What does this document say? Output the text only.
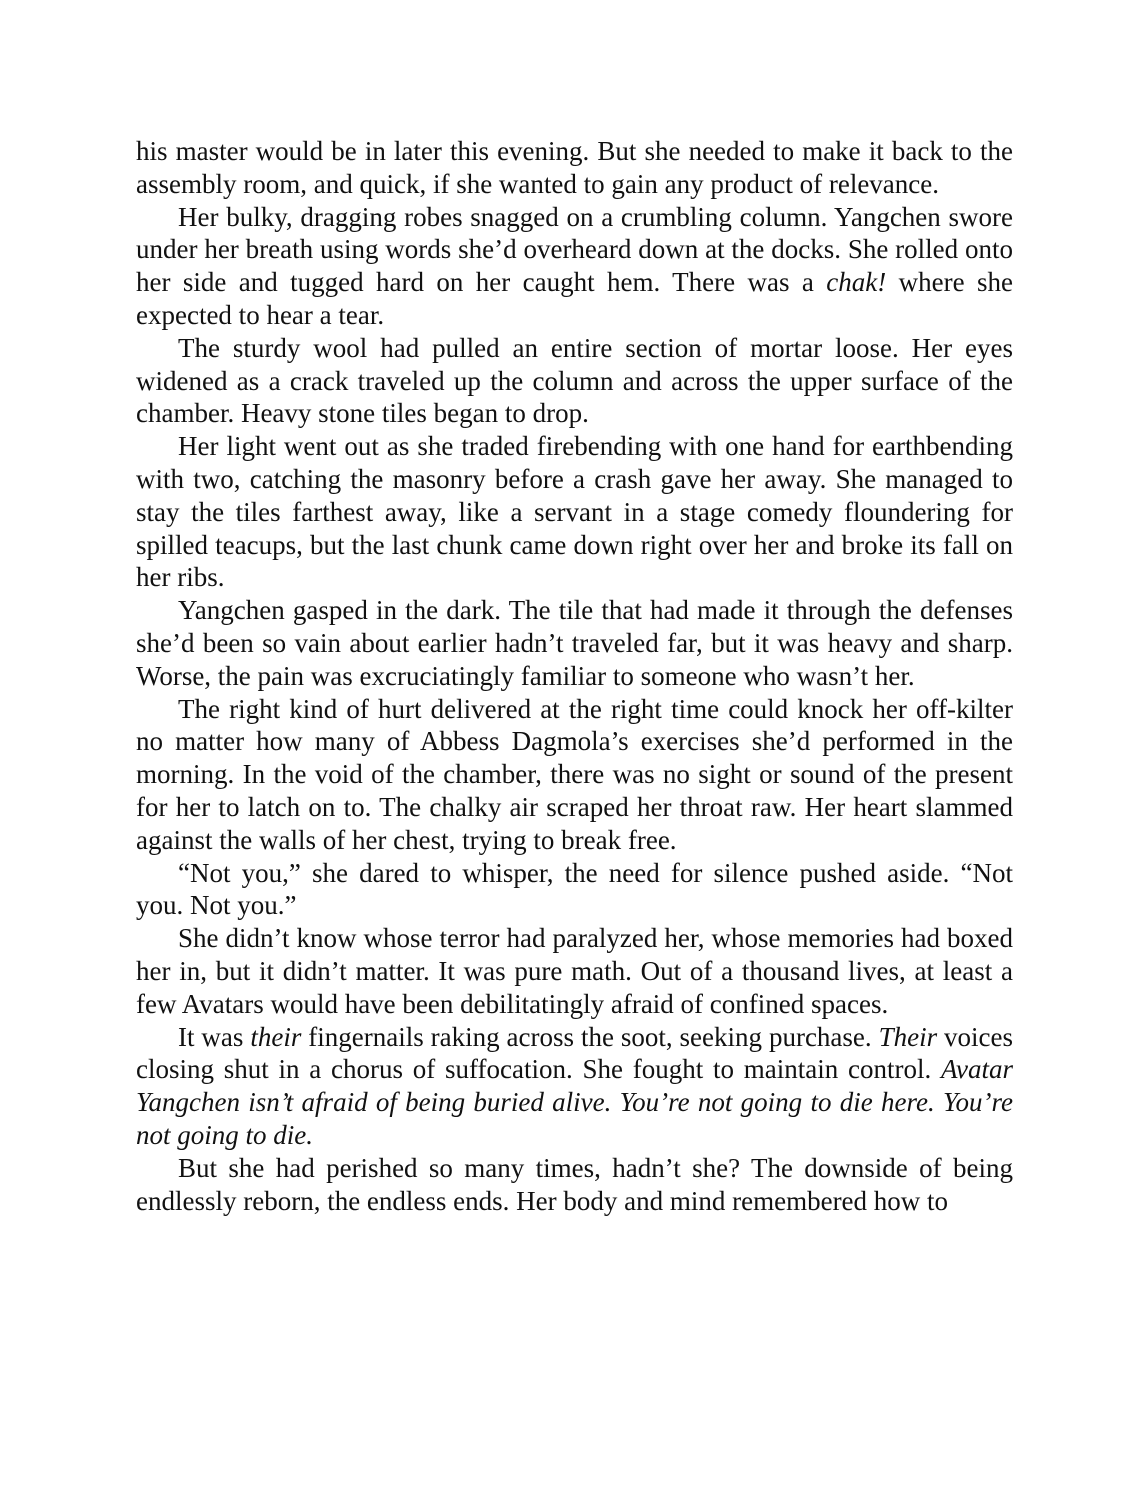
his master would be in later this evening. But she needed to make it back to the assembly room, and quick, if she wanted to gain any product of relevance.

Her bulky, dragging robes snagged on a crumbling column. Yangchen swore under her breath using words she’d overheard down at the docks. She rolled onto her side and tugged hard on her caught hem. There was a chak! where she expected to hear a tear.

The sturdy wool had pulled an entire section of mortar loose. Her eyes widened as a crack traveled up the column and across the upper surface of the chamber. Heavy stone tiles began to drop.

Her light went out as she traded firebending with one hand for earthbending with two, catching the masonry before a crash gave her away. She managed to stay the tiles farthest away, like a servant in a stage comedy floundering for spilled teacups, but the last chunk came down right over her and broke its fall on her ribs.

Yangchen gasped in the dark. The tile that had made it through the defenses she’d been so vain about earlier hadn’t traveled far, but it was heavy and sharp. Worse, the pain was excruciatingly familiar to someone who wasn’t her.

The right kind of hurt delivered at the right time could knock her off-kilter no matter how many of Abbess Dagmola’s exercises she’d performed in the morning. In the void of the chamber, there was no sight or sound of the present for her to latch on to. The chalky air scraped her throat raw. Her heart slammed against the walls of her chest, trying to break free.

“Not you,” she dared to whisper, the need for silence pushed aside. “Not you. Not you.”

She didn’t know whose terror had paralyzed her, whose memories had boxed her in, but it didn’t matter. It was pure math. Out of a thousand lives, at least a few Avatars would have been debilitatingly afraid of confined spaces.

It was their fingernails raking across the soot, seeking purchase. Their voices closing shut in a chorus of suffocation. She fought to maintain control. Avatar Yangchen isn’t afraid of being buried alive. You’re not going to die here. You’re not going to die.

But she had perished so many times, hadn’t she? The downside of being endlessly reborn, the endless ends. Her body and mind remembered how to
